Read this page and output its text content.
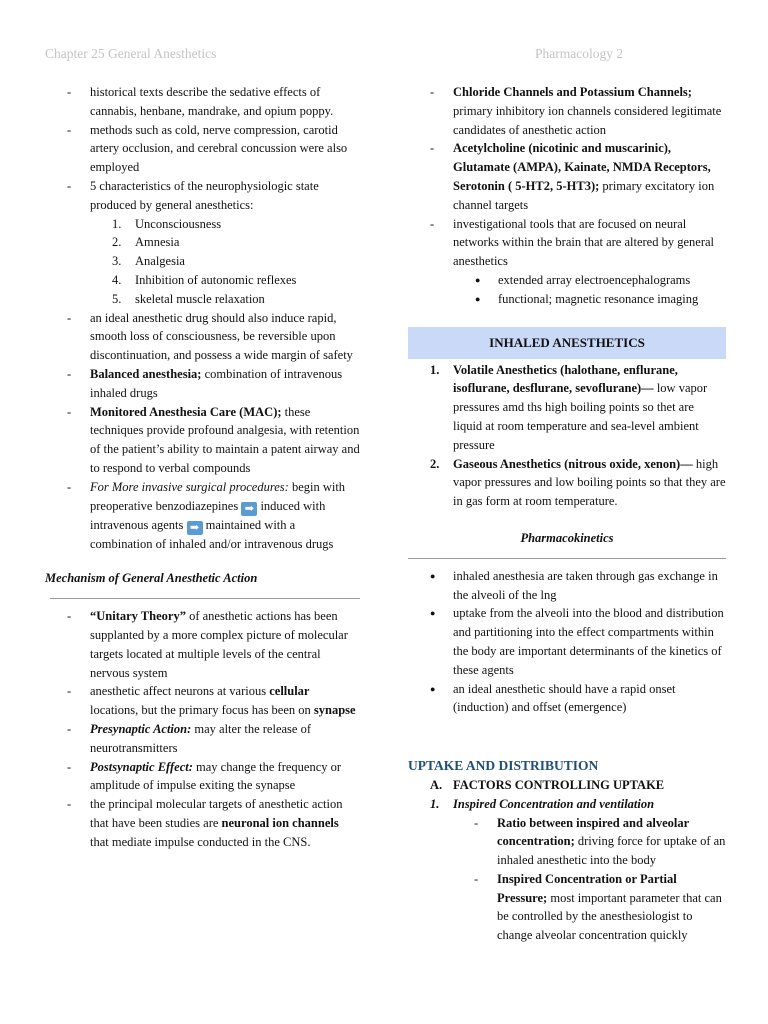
Chapter 25 General Anesthetics	Pharmacology 2
- historical texts describe the sedative effects of cannabis, henbane, mandrake, and opium poppy.
- methods such as cold, nerve compression, carotid artery occlusion, and cerebral concussion were also employed
- 5 characteristics of the neurophysiologic state produced by general anesthetics:
1. Unconsciousness
2. Amnesia
3. Analgesia
4. Inhibition of autonomic reflexes
5. skeletal muscle relaxation
- an ideal anesthetic drug should also induce rapid, smooth loss of consciousness, be reversible upon discontinuation, and possess a wide margin of safety
- Balanced anesthesia; combination of intravenous inhaled drugs
- Monitored Anesthesia Care (MAC); these techniques provide profound analgesia, with retention of the patient’s ability to maintain a patent airway and to respond to verbal compounds
- For More invasive surgical procedures: begin with preoperative benzodiazepines ➡ induced with intravenous agents ➡ maintained with a combination of inhaled and/or intravenous drugs
Mechanism of General Anesthetic Action
- “Unitary Theory” of anesthetic actions has been supplanted by a more complex picture of molecular targets located at multiple levels of the central nervous system
- anesthetic affect neurons at various cellular locations, but the primary focus has been on synapse
- Presynaptic Action: may alter the release of neurotransmitters
- Postsynaptic Effect: may change the frequency or amplitude of impulse exiting the synapse
- the principal molecular targets of anesthetic action that have been studies are neuronal ion channels that mediate impulse conducted in the CNS.
- Chloride Channels and Potassium Channels; primary inhibitory ion channels considered legitimate candidates of anesthetic action
- Acetylcholine (nicotinic and muscarinic), Glutamate (AMPA), Kainate, NMDA Receptors, Serotonin ( 5-HT2, 5-HT3); primary excitatory ion channel targets
- investigational tools that are focused on neural networks within the brain that are altered by general anesthetics
● extended array electroencephalograms
● functional; magnetic resonance imaging
INHALED ANESTHETICS
1. Volatile Anesthetics (halothane, enflurane, isoflurane, desflurane, sevoflurane)— low vapor pressures amd ths high boiling points so thet are liquid at room temperature and sea-level ambient pressure
2. Gaseous Anesthetics (nitrous oxide, xenon)— high vapor pressures and low boiling points so that they are in gas form at room temperature.
Pharmacokinetics
● inhaled anesthesia are taken through gas exchange in the alveoli of the lng
● uptake from the alveoli into the blood and distribution and partitioning into the effect compartments within the body are important determinants of the kinetics of these agents
● an ideal anesthetic should have a rapid onset (induction) and offset (emergence)
UPTAKE AND DISTRIBUTION
A. FACTORS CONTROLLING UPTAKE
1. Inspired Concentration and ventilation
- Ratio between inspired and alveolar concentration; driving force for uptake of an inhaled anesthetic into the body
- Inspired Concentration or Partial Pressure; most important parameter that can be controlled by the anesthesiologist to change alveolar concentration quickly
